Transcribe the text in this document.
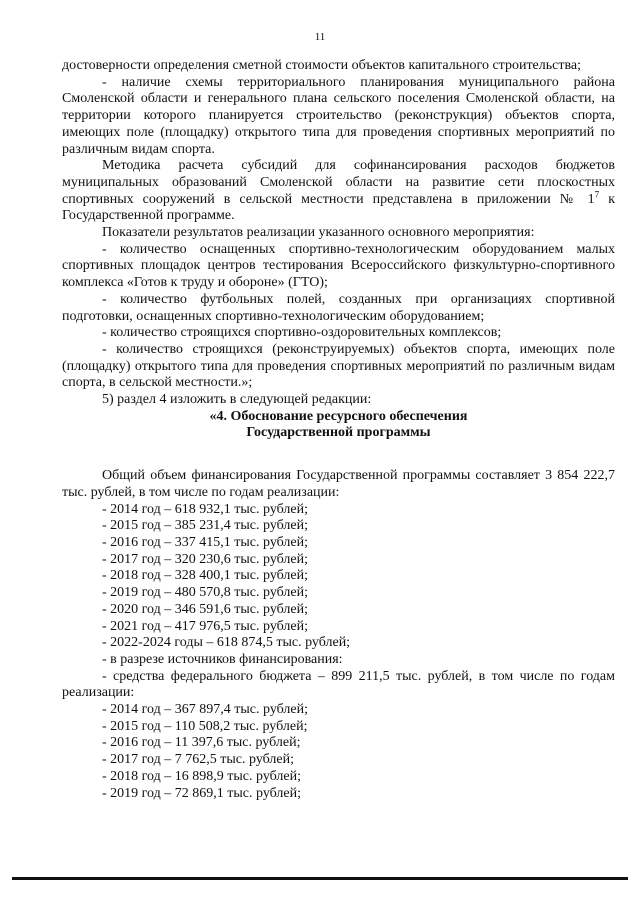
11

достоверности определения сметной стоимости объектов капитального строительства;

- наличие схемы территориального планирования муниципального района Смоленской области и генерального плана сельского поселения Смоленской области, на территории которого планируется строительство (реконструкция) объектов спорта, имеющих поле (площадку) открытого типа для проведения спортивных мероприятий по различным видам спорта.

Методика расчета субсидий для софинансирования расходов бюджетов муниципальных образований Смоленской области на развитие сети плоскостных спортивных сооружений в сельской местности представлена в приложении № $1^7$ к Государственной программе.

Показатели результатов реализации указанного основного мероприятия:

- количество оснащенных спортивно-технологическим оборудованием малых спортивных площадок центров тестирования Всероссийского физкультурно-спортивного комплекса «Готов к труду и обороне» (ГТО);

- количество футбольных полей, созданных при организациях спортивной подготовки, оснащенных спортивно-технологическим оборудованием;

- количество строящихся спортивно-оздоровительных комплексов;

- количество строящихся (реконструируемых) объектов спорта, имеющих поле (площадку) открытого типа для проведения спортивных мероприятий по различным видам спорта, в сельской местности.»;

5) раздел 4 изложить в следующей редакции:

«4. Обоснование ресурсного обеспечения

Государственной программы

Общий объем финансирования Государственной программы составляет 3 854 222,7 тыс. рублей, в том числе по годам реализации:

- 2014 год – 618 932,1 тыс. рублей;

- 2015 год – 385 231,4 тыс. рублей;

- 2016 год – 337 415,1 тыс. рублей;

- 2017 год – 320 230,6 тыс. рублей;

- 2018 год – 328 400,1 тыс. рублей;

- 2019 год – 480 570,8 тыс. рублей;

- 2020 год – 346 591,6 тыс. рублей;

- 2021 год – 417 976,5 тыс. рублей;

- 2022-2024 годы – 618 874,5 тыс. рублей;

- в разрезе источников финансирования:

- средства федерального бюджета – 899 211,5 тыс. рублей, в том числе по годам реализации:

- 2014 год – 367 897,4 тыс. рублей;

- 2015 год – 110 508,2 тыс. рублей;

- 2016 год – 11 397,6 тыс. рублей;

- 2017 год – 7 762,5 тыс. рублей;

- 2018 год – 16 898,9 тыс. рублей;

- 2019 год – 72 869,1 тыс. рублей;
